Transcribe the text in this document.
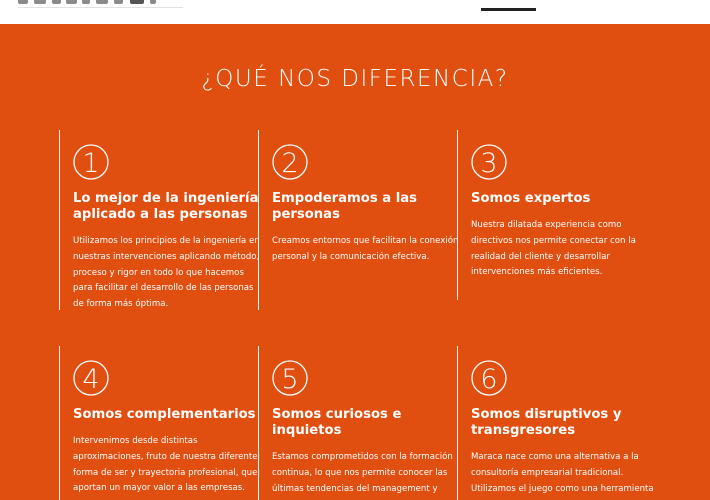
¿QUÉ NOS DIFERENCIA?
1
Lo mejor de la ingeniería aplicado a las personas

Utilizamos los principios de la ingeniería en nuestras intervenciones aplicando método, proceso y rigor en todo lo que hacemos para facilitar el desarrollo de las personas de forma más óptima.

2
Empoderamos a las personas

Creamos entornos que facilitan la conexión personal y la comunicación efectiva.

3
Somos expertos

Nuestra dilatada experiencia como directivos nos permite conectar con la realidad del cliente y desarrollar intervenciones más eficientes.

4
Somos complementarios

Intervenimos desde distintas aproximaciones, fruto de nuestra diferente forma de ser y trayectoria profesional, que aportan un mayor valor a las empresas.

5
Somos curiosos e inquietos

Estamos comprometidos con la formación continua, lo que nos permite conocer las últimas tendencias del management y

6
Somos disruptivos y transgresores

Maraca nace como una alternativa a la consultoría empresarial tradicional. Utilizamos el juego como una herramienta
